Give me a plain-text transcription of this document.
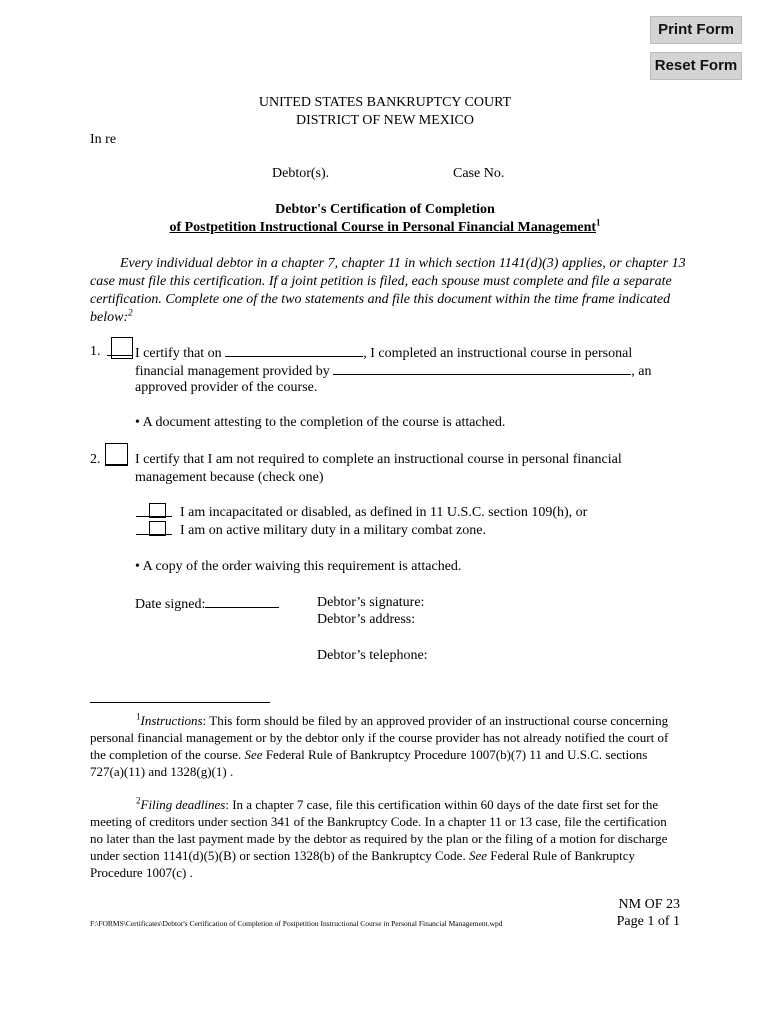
Print Form
Reset Form
UNITED STATES BANKRUPTCY COURT
DISTRICT OF NEW MEXICO
In re
Debtor(s).	Case No.
Debtor's Certification of Completion
of Postpetition Instructional Course in Personal Financial Management$^1$
Every individual debtor in a chapter 7, chapter 11 in which section 1141(d)(3) applies, or chapter 13 case must file this certification. If a joint petition is filed, each spouse must complete and file a separate certification. Complete one of the two statements and file this document within the time frame indicated below:$^2$
1. I certify that on	, I completed an instructional course in personal
financial management provided by	, an
approved provider of the course.
• A document attesting to the completion of the course is attached.
2. I certify that I am not required to complete an instructional course in personal financial
management because (check one)
I am incapacitated or disabled, as defined in 11 U.S.C. section 109(h), or
I am on active military duty in a military combat zone.
• A copy of the order waiving this requirement is attached.
Date signed:	Debtor’s signature:
Debtor’s address:
Debtor’s telephone:
$^1$Instructions: This form should be filed by an approved provider of an instructional course concerning personal financial management or by the debtor only if the course provider has not already notified the court of the completion of the course. See Federal Rule of Bankruptcy Procedure 1007(b)(7) 11 and U.S.C. sections 727(a)(11) and 1328(g)(1) .
$^2$Filing deadlines: In a chapter 7 case, file this certification within 60 days of the date first set for the meeting of creditors under section 341 of the Bankruptcy Code. In a chapter 11 or 13 case, file the certification no later than the last payment made by the debtor as required by the plan or the filing of a motion for discharge under section 1141(d)(5)(B) or section 1328(b) of the Bankruptcy Code. See Federal Rule of Bankruptcy Procedure 1007(c) .
F:\FORMS\Certificates\Debtor's Certification of Completion of Postpetition Instructional Course in Personal Financial Management.wpd
NM OF 23
Page 1 of 1
